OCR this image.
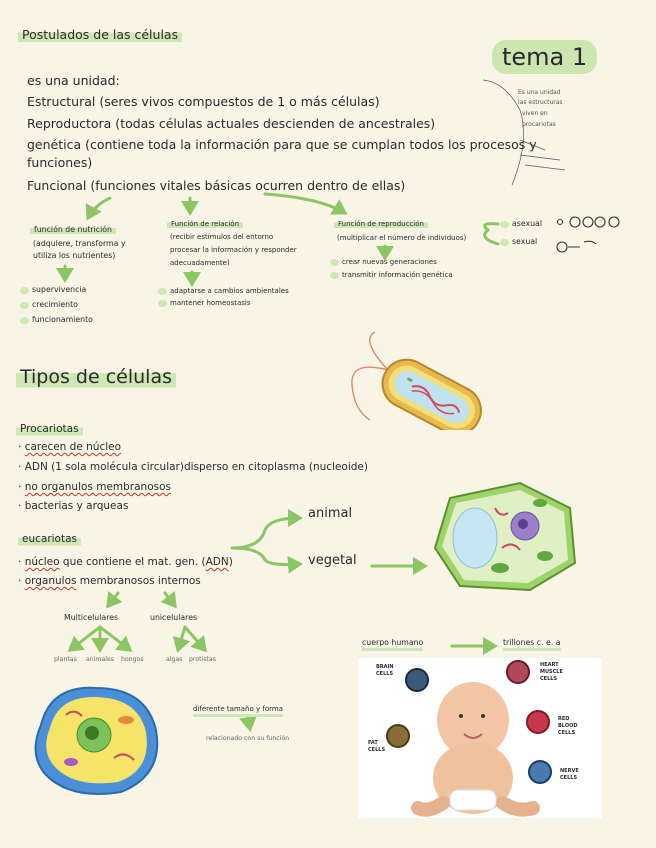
Es una unidad
las estructuras
viven en
procariotas
Postulados de las células
tema 1
es una unidad:
Estructural (seres vivos compuestos de 1 o más células)
Reproductora (todas células actuales descienden de ancestrales)
genética (contiene toda la información para que se cumplan todos los procesos y
funciones)
Funcional (funciones vitales básicas ocurren dentro de ellas)
función de nutrición
(adquiere, transforma y
utiliza los nutrientes)
supervivencia
crecimiento
funcionamiento
Función de relación
(recibir estímulos del entorno
procesar la información y responder
adecuadamente)
adaptarse a cambios ambientales
mantener homeostasis
Función de reproducción
(multiplicar el número de individuos)
crear nuevas generaciones
transmitir información genética
asexual
sexual
Tipos de células
Procariotas
· carecen de núcleo
· ADN (1 sola molécula circular)disperso en citoplasma (nucleoide)
· no organulos membranosos
· bacterias y arqueas
eucariotas
· núcleo que contiene el mat. gen. (ADN)
· organulos membranosos internos
animal
vegetal
Multicelulares	unicelulares
plantas animales hongos	algas protistas
diferente tamaño y forma
relacionado con su función
cuerpo humano	trillones c. e. a
BRAIN CELLS
FAT CELLS
HEART MUSCLE CELLS
RED BLOOD CELLS
NERVE CELLS
